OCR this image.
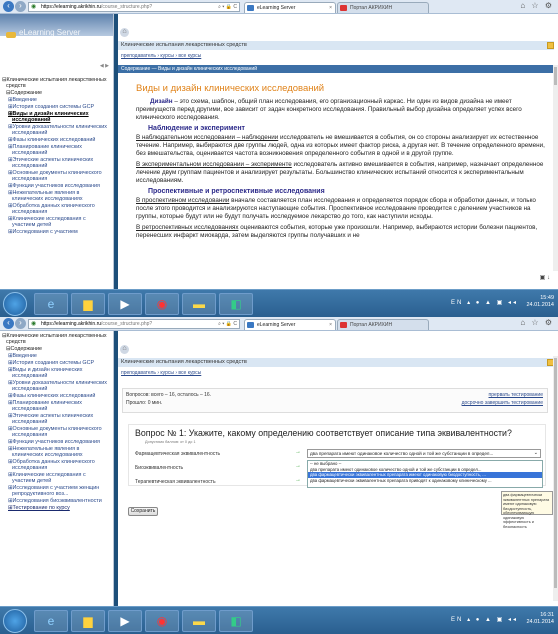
‹	›	◉ https://elearning.akrikhin.ru/course_structure.php?	⌕ ▾ 🔒 C	eLearning Server	×	Портал АКРИХИН	⌂ ☆ ⚙
eLearning Server
◀ ▶
⊟Клинические испытания лекарственных средств
⊟Содержание
⊞Введение
⊞История создания системы GCP
⊞Виды и дизайн клинических исследований
⊞Уровни доказательности клинических исследований
⊞Фазы клинических исследований
⊞Планирование клинических исследований
⊞Этические аспекты клинических исследований
⊞Основные документы клинического исследования
⊞Функции участников исследования
⊞Нежелательные явления в клинических исследованиях
⊞Обработка данных клинического исследования
⊞Клинические исследования с участием детей
⊞Исследования с участием
⌂
Клинические испытания лекарственных средств
преподаватель › курсы › все курсы
Содержание — Виды и дизайн клинических исследований
Виды и дизайн клинических исследований

Дизайн – это схема, шаблон, общий план исследования, его организационный каркас. Ни один из видов дизайна не имеет преимуществ перед другими, все зависит от задач конкретного исследования. Правильный выбор дизайна определяет успех всего клинического исследования.

Наблюдение и эксперимент

В наблюдательном исследовании – наблюдении исследователь не вмешивается в события, он со стороны анализирует их естественное течение. Например, выбираются две группы людей, одна из которых имеет фактор риска, а другая нет. В течение определенного времени, без вмешательства, оценивается частота возникновения определенного события в одной и в другой группе.

В экспериментальном исследовании – эксперименте исследователь активно вмешивается в события, например, назначает определенное лечение двум группам пациентов и анализирует результаты. Большинство клинических испытаний относится к экспериментальным исследованиям.

Проспективные и ретроспективные исследования

В проспективном исследовании вначале составляется план исследования и определяется порядок сбора и обработки данных, и только после этого проводится и анализируются наступающие события. Проспективное исследование проводится с делением участников на группы, которые будут или не будут получать исследуемое лекарство до того, как наступили исходы.

В ретроспективных исследованиях оцениваются события, которые уже произошли. Например, выбираются истории болезни пациентов, перенесших инфаркт миокарда, затем выделяются группы получавших и не

▣ ↓
e	▆	▶	◉	▬	◧	EN ▴ ● ▲ ▣ ◂◂
15:49
24.01.2014
‹	›	◉ https://elearning.akrikhin.ru/course_structure.php?	⌕ ▾ 🔒 C	eLearning Server	×	Портал АКРИХИН	⌂ ☆ ⚙
⊟Клинические испытания лекарственных средств
⊟Содержание
⊞Введение
⊞История создания системы GCP
⊞Виды и дизайн клинических исследований
⊞Уровни доказательности клинических исследований
⊞Фазы клинических исследований
⊞Планирование клинических исследований
⊞Этические аспекты клинических исследований
⊞Основные документы клинического исследования
⊞Функции участников исследования
⊞Нежелательные явления в клинических исследованиях
⊞Обработка данных клинического исследования
⊞Клинические исследования с участием детей
⊞Исследования с участием женщин репродуктивного воз...
⊞Исследования биоэквивалентности
⊞Тестирование по курсу
⌂
Клинические испытания лекарственных средств
преподаватель › курсы › все курсы
Вопросов: всего – 16, осталось – 16.
Прошло: 0 мин.
прервать тестирование
досрочно завершить тестирование
Вопрос № 1: Укажите, какому определению соответствует описание типа эквивалентности?
Допустимо баллов: от 0 до 1
Фармацевтическая эквивалентность	→	два препарата имеют одинаковое количество одной и той же субстанции в определ...	⌄
Биоэквивалентность	→
Терапевтическая эквивалентность	→
-- не выбрано --
два препарата имеют одинаковое количество одной и той же субстанции в определ...
два фармацевтически эквивалентных препарата имеют одинаковую биодоступность, ...
два фармацевтически эквивалентных препарата приводят к одинаковому клиническому ...
два фармацевтически эквивалентных препарата имеют одинаковую биодоступность, обеспечивающую одинаковую эффективность и безопасность
Сохранить
e	▆	▶	◉	▬	◧	EN ▴ ● ▲ ▣ ◂◂
16:31
24.01.2014
